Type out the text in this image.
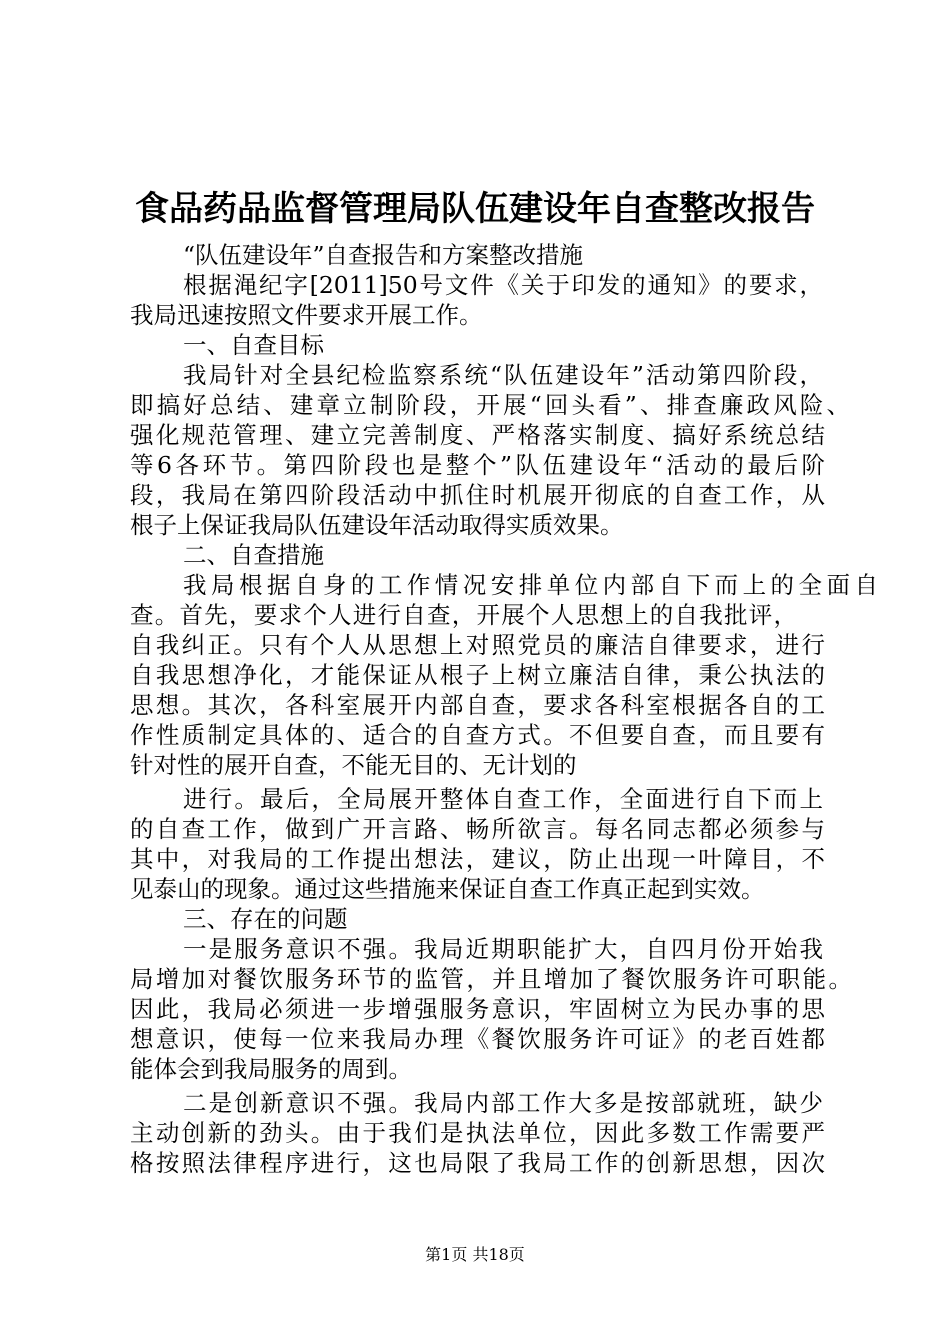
食品药品监督管理局队伍建设年自查整改报告
“队伍建设年”自查报告和方案整改措施
根据渑纪字[2011]50号文件《关于印发的通知》的要求，
我局迅速按照文件要求开展工作。
一、自查目标
我局针对全县纪检监察系统“队伍建设年”活动第四阶段，
即搞好总结、建章立制阶段，开展“回头看”、排查廉政风险、
强化规范管理、建立完善制度、严格落实制度、搞好系统总结
等6各环节。第四阶段也是整个”队伍建设年“活动的最后阶
段，我局在第四阶段活动中抓住时机展开彻底的自查工作，从
根子上保证我局队伍建设年活动取得实质效果。
二、自查措施
我局根据自身的工作情况安排单位内部自下而上的全面自
查。首先，要求个人进行自查，开展个人思想上的自我批评，
自我纠正。只有个人从思想上对照党员的廉洁自律要求，进行
自我思想净化，才能保证从根子上树立廉洁自律，秉公执法的
思想。其次，各科室展开内部自查，要求各科室根据各自的工
作性质制定具体的、适合的自查方式。不但要自查，而且要有
针对性的展开自查，不能无目的、无计划的
进行。最后，全局展开整体自查工作，全面进行自下而上
的自查工作，做到广开言路、畅所欲言。每名同志都必须参与
其中，对我局的工作提出想法，建议，防止出现一叶障目，不
见泰山的现象。通过这些措施来保证自查工作真正起到实效。
三、存在的问题
一是服务意识不强。我局近期职能扩大，自四月份开始我
局增加对餐饮服务环节的监管，并且增加了餐饮服务许可职能。
因此，我局必须进一步增强服务意识，牢固树立为民办事的思
想意识，使每一位来我局办理《餐饮服务许可证》的老百姓都
能体会到我局服务的周到。
二是创新意识不强。我局内部工作大多是按部就班，缺少
主动创新的劲头。由于我们是执法单位，因此多数工作需要严
格按照法律程序进行，这也局限了我局工作的创新思想，因次
第1页 共18页
